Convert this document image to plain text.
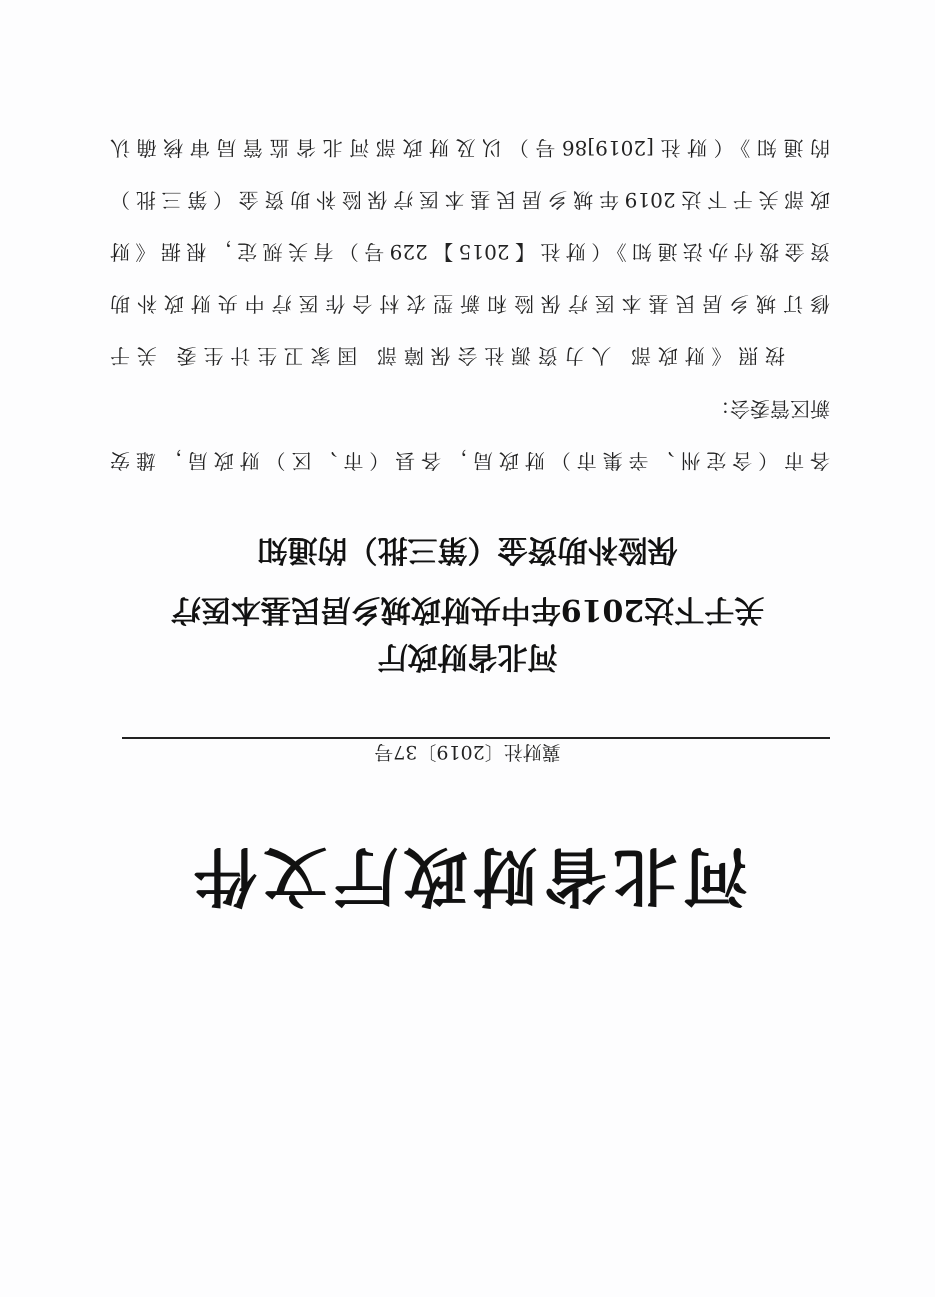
河北省财政厅文件
冀财社〔2019〕37号
河北省财政厅
关于下达2019年中央财政城乡居民基本医疗
保险补助资金（第三批）的通知
各市（含定州、辛集市）财政局，各县（市、区）财政局，雄安
新区管委会：
按照《财政部 人力资源社会保障部 国家卫生计生委 关于
修订城乡居民基本医疗保险和新型农村合作医疗中央财政补助
资金拨付办法通知》（财社【2015】229号）有关规定，根据《财
政部关于下达2019年城乡居民基本医疗保险补助资金（第三批）
的通知》（财社[2019]86号）以及财政部河北省监管局审核确认
